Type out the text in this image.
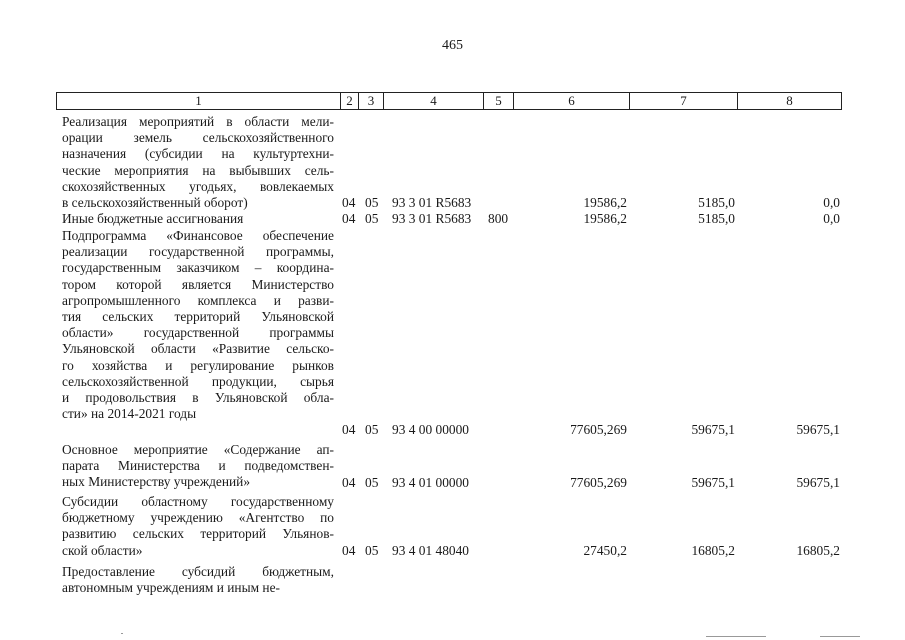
465
1	2	3	4	5	6	7	8
Реализация мероприятий в области мели-
орации земель сельскохозяйственного
назначения (субсидии на культуртехни-
ческие мероприятия на выбывших сель-
скохозяйственных угодьях, вовлекаемых
в сельскохозяйственный оборот)	04 05 93 3 01 R5683	19586,2	5185,0	0,0
Иные бюджетные ассигнования	04 05 93 3 01 R5683 800	19586,2	5185,0	0,0
Подпрограмма «Финансовое обеспечение
реализации государственной программы,
государственным заказчиком – координа-
тором которой является Министерство
агропромышленного комплекса и разви-
тия сельских территорий Ульяновской
области» государственной программы
Ульяновской области «Развитие сельско-
го хозяйства и регулирование рынков
сельскохозяйственной продукции, сырья
и продовольствия в Ульяновской обла-
сти» на 2014-2021 годы
04 05 93 4 00 00000	77605,269	59675,1	59675,1
Основное мероприятие «Содержание ап-
парата Министерства и подведомствен-
ных Министерству учреждений»	04 05 93 4 01 00000	77605,269	59675,1	59675,1
Субсидии областному государственному
бюджетному учреждению «Агентство по
развитию сельских территорий Ульянов-
ской области»	04 05 93 4 01 48040	27450,2	16805,2	16805,2
Предоставление субсидий бюджетным,
автономным учреждениям и иным не-
